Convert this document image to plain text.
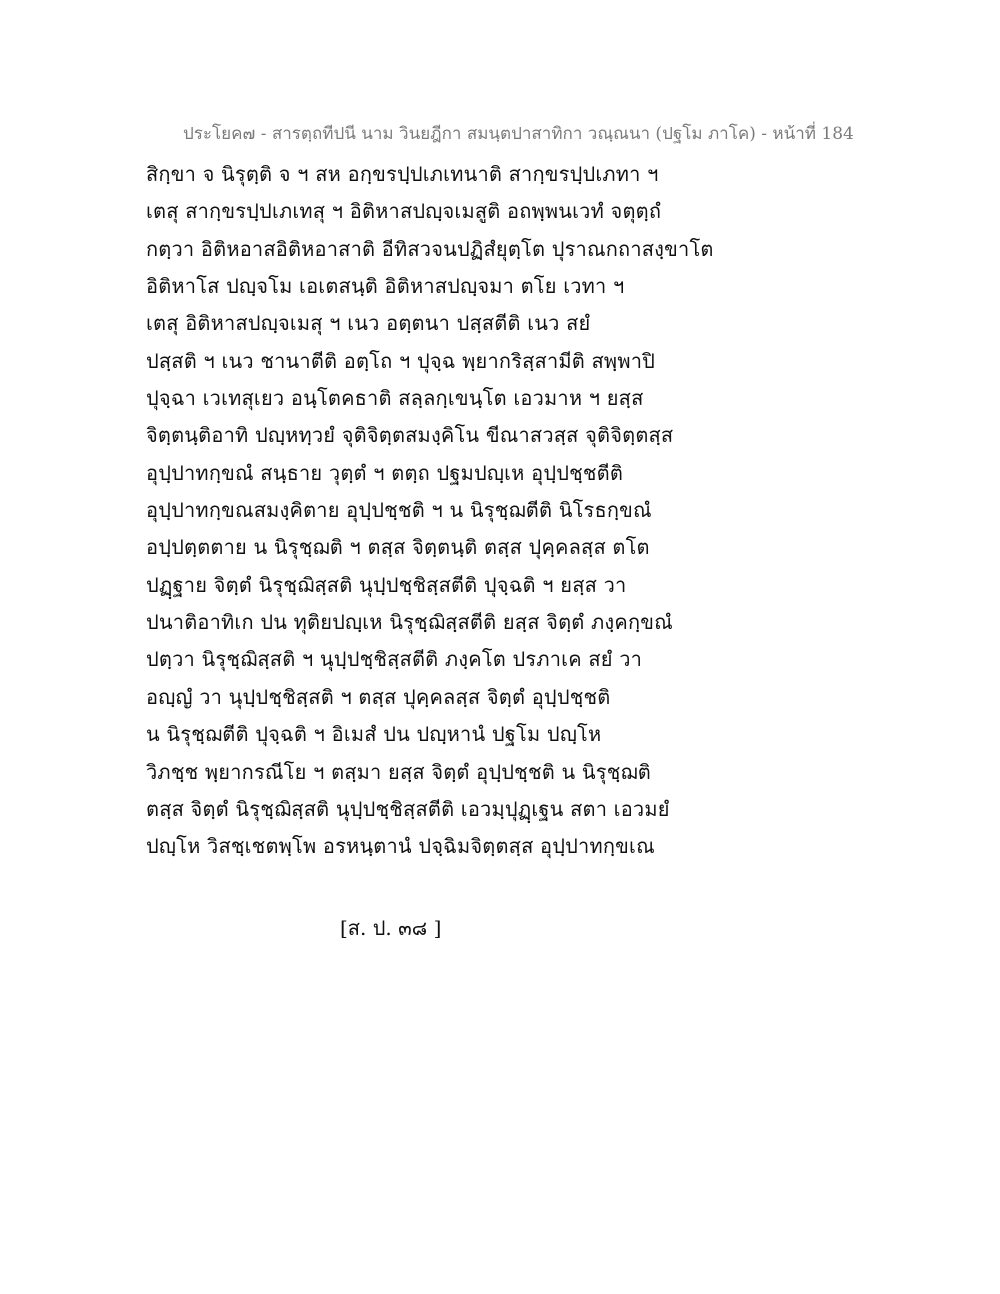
ประโยค๗ - สารตฺถทีปนี นาม วินยฎีกา สมนฺตปาสาทิกา วณฺณนา (ปฐโม ภาโค) - หน้าที่ 184
สิกฺขา จ นิรุตฺติ จ ฯ สห อกฺขรปฺปเภเทนาติ สากฺขรปฺปเภทา ฯ
เตสุ สากฺขรปฺปเภเทสุ ฯ อิติหาสปญฺจเมสูติ อถพฺพนเวทํ จตุตฺถํ
กตฺวา อิติหอาสอิติหอาสาติ อีทิสวจนปฏิสํยุตฺโต ปุราณกถาสงฺขาโต
อิติหาโส ปญฺจโม เอเตสนฺติ อิติหาสปญฺจมา ตโย เวทา ฯ
เตสุ อิติหาสปญฺจเมสุ ฯ เนว อตฺตนา ปสฺสตีติ เนว สยํ
ปสฺสติ ฯ เนว ชานาตีติ อตฺโถ ฯ ปุจฺฉ พฺยากริสฺสามีติ สพฺพาปิ
ปุจฺฉา เวเทสุเยว อนฺโตคธาติ สลฺลกฺเขนฺโต เอวมาห ฯ ยสฺส
จิตฺตนฺติอาทิ ปญฺหทฺวยํ จุติจิตฺตสมงฺคิโน ขีณาสวสฺส จุติจิตฺตสฺส
อุปฺปาทกฺขณํ สนฺธาย วุตฺตํ ฯ ตตฺถ ปฐมปญฺเห อุปฺปชฺชตีติ
อุปฺปาทกฺขณสมงฺคิตาย อุปฺปชฺชติ ฯ น นิรุชฺฌตีติ นิโรธกฺขณํ
อปฺปตฺตตาย น นิรุชฺฌติ ฯ ตสฺส จิตฺตนฺติ ตสฺส ปุคฺคลสฺส ตโต
ปฏฺฐาย จิตฺตํ นิรุชฺฌิสฺสติ นุปฺปชฺชิสฺสตีติ ปุจฺฉติ ฯ ยสฺส วา
ปนาติอาทิเก ปน ทุติยปญฺเห นิรุชฺฌิสฺสตีติ ยสฺส จิตฺตํ ภงฺคกฺขณํ
ปตฺวา นิรุชฺฌิสฺสติ ฯ นุปฺปชฺชิสฺสตีติ ภงฺคโต ปรภาเค สยํ วา
อญฺญํ วา นุปฺปชฺชิสฺสติ ฯ ตสฺส ปุคฺคลสฺส จิตฺตํ อุปฺปชฺชติ
น นิรุชฺฌตีติ ปุจฺฉติ ฯ อิเมสํ ปน ปญฺหานํ ปฐโม ปญฺโห
วิภชฺช พฺยากรณีโย ฯ ตสฺมา ยสฺส จิตฺตํ อุปฺปชฺชติ น นิรุชฺฌติ
ตสฺส จิตฺตํ นิรุชฺฌิสฺสติ นุปฺปชฺชิสฺสตีติ เอวมฺปุฏฺเฐน สตา เอวมยํ
ปญฺโห วิสชฺเชตพฺโพ อรหนฺตานํ ปจฺฉิมจิตฺตสฺส อุปฺปาทกฺขเณ
[ส. ป. ๓๘ ]
